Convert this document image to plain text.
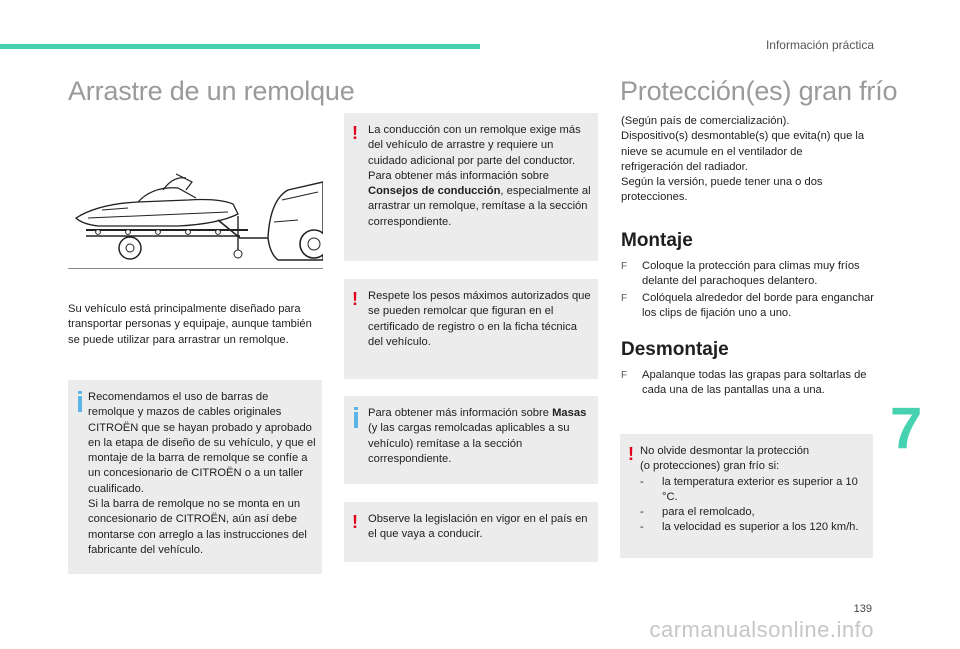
Información práctica
Arrastre de un remolque
Su vehículo está principalmente diseñado para transportar personas y equipaje, aunque también se puede utilizar para arrastrar un remolque.
Recomendamos el uso de barras de remolque y mazos de cables originales CITROËN que se hayan probado y aprobado en la etapa de diseño de su vehículo, y que el montaje de la barra de remolque se confíe a un concesionario de CITROËN o a un taller cualificado.
Si la barra de remolque no se monta en un concesionario de CITROËN, aún así debe montarse con arreglo a las instrucciones del fabricante del vehículo.
! La conducción con un remolque exige más del vehículo de arrastre y requiere un cuidado adicional por parte del conductor.
Para obtener más información sobre Consejos de conducción, especialmente al arrastrar un remolque, remítase a la sección correspondiente.
! Respete los pesos máximos autorizados que se pueden remolcar que figuran en el certificado de registro o en la ficha técnica del vehículo.
Para obtener más información sobre Masas (y las cargas remolcadas aplicables a su vehículo) remítase a la sección correspondiente.
! Observe la legislación en vigor en el país en el que vaya a conducir.
Protección(es) gran frío
(Según país de comercialización).
Dispositivo(s) desmontable(s) que evita(n) que la nieve se acumule en el ventilador de refrigeración del radiador.
Según la versión, puede tener una o dos protecciones.
Montaje
F Coloque la protección para climas muy fríos delante del parachoques delantero.
F Colóquela alrededor del borde para enganchar los clips de fijación uno a uno.
Desmontaje
F Apalanque todas las grapas para soltarlas de cada una de las pantallas una a una.
! No olvide desmontar la protección
(o protecciones) gran frío si:
- la temperatura exterior es superior a 10 °C.
- para el remolcado,
- la velocidad es superior a los 120 km/h.
7
139
carmanualsonline.info
